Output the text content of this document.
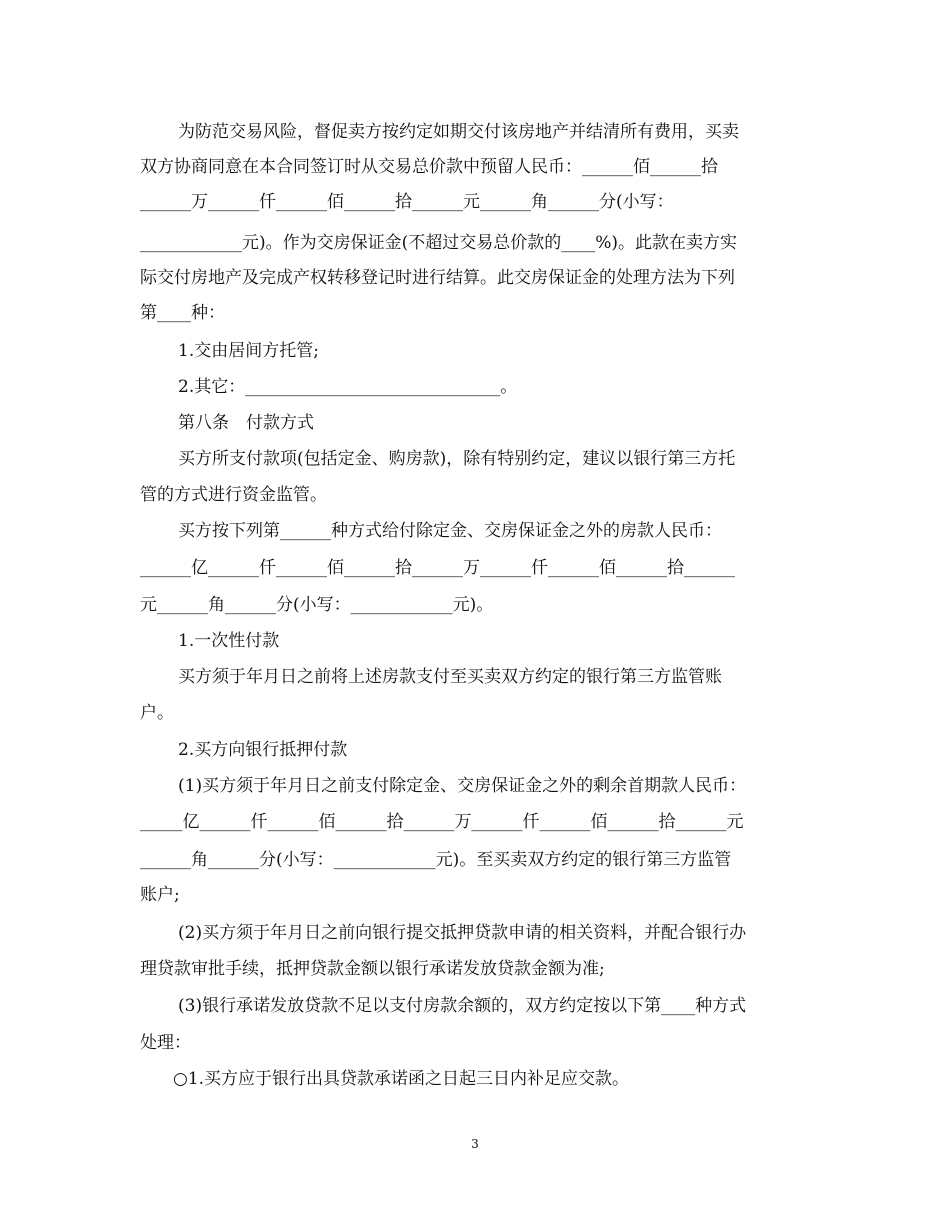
为防范交易风险，督促卖方按约定如期交付该房地产并结清所有费用，买卖
双方协商同意在本合同签订时从交易总价款中预留人民币：______佰______拾
______万______仟______佰______拾______元______角______分(小写：
____________元)。作为交房保证金(不超过交易总价款的____%)。此款在卖方实
际交付房地产及完成产权转移登记时进行结算。此交房保证金的处理方法为下列
第____种：
1.交由居间方托管;
2.其它：______________________________。
第八条　付款方式
买方所支付款项(包括定金、购房款)，除有特别约定，建议以银行第三方托
管的方式进行资金监管。
买方按下列第______种方式给付除定金、交房保证金之外的房款人民币：
______亿______仟______佰______拾______万______仟______佰______拾______
元______角______分(小写：____________元)。
1.一次性付款
买方须于年月日之前将上述房款支付至买卖双方约定的银行第三方监管账
户。
2.买方向银行抵押付款
(1)买方须于年月日之前支付除定金、交房保证金之外的剩余首期款人民币：
_____亿______仟______佰______拾______万______仟______佰______拾______元
______角______分(小写：____________元)。至买卖双方约定的银行第三方监管
账户;
(2)买方须于年月日之前向银行提交抵押贷款申请的相关资料，并配合银行办
理贷款审批手续，抵押贷款金额以银行承诺发放贷款金额为准;
(3)银行承诺发放贷款不足以支付房款余额的，双方约定按以下第____种方式
处理：
○1.买方应于银行出具贷款承诺函之日起三日内补足应交款。
3
